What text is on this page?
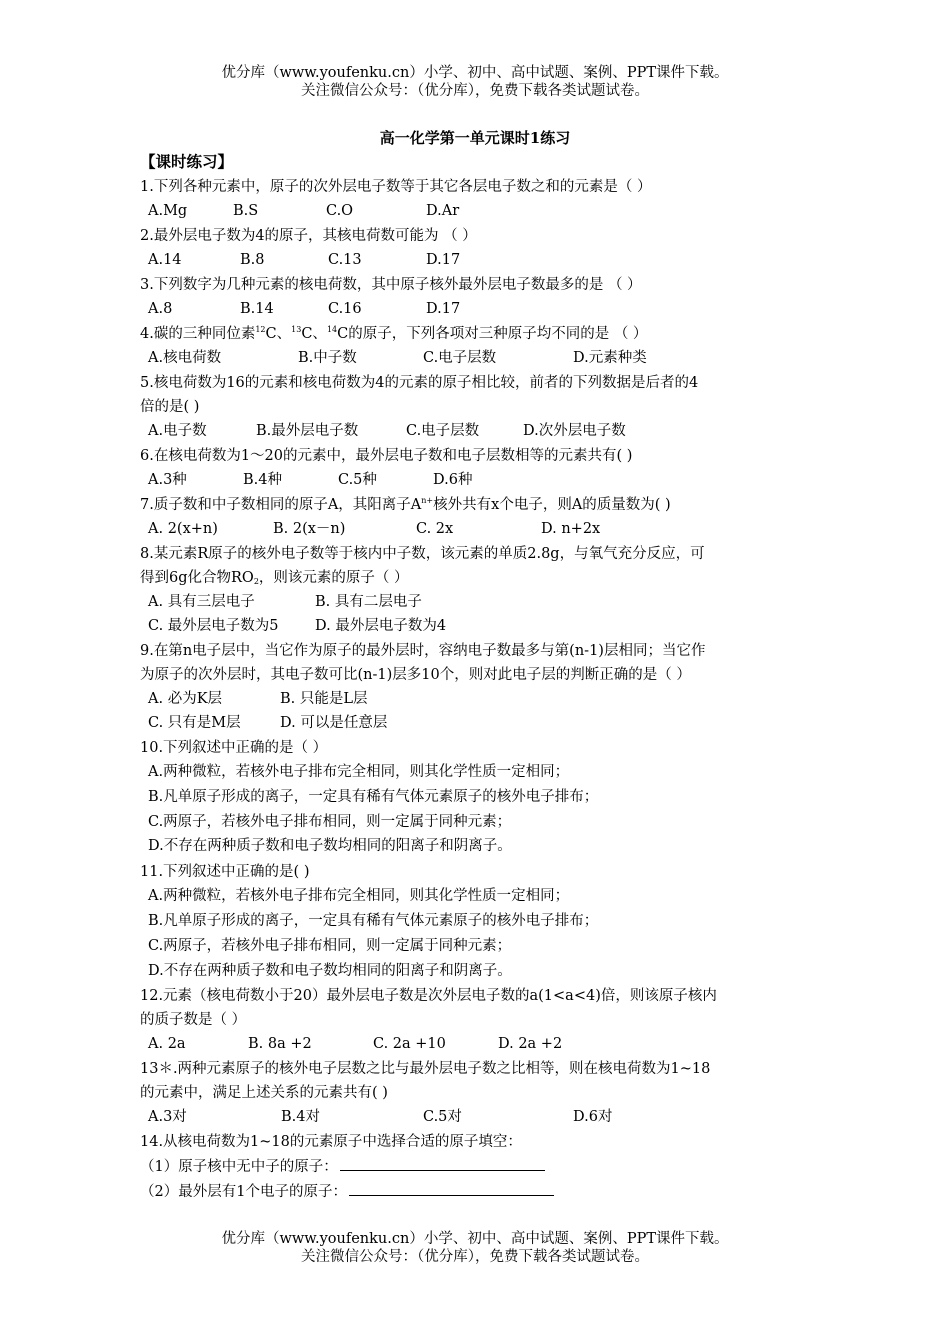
优分库（www.youfenku.cn）小学、初中、高中试题、案例、PPT课件下载。
关注微信公众号：（优分库），免费下载各类试题试卷。
高一化学第一单元课时1练习
【课时练习】
1.下列各种元素中，原子的次外层电子数等于其它各层电子数之和的元素是（ ）
A.Mg	B.S	C.O	D.Ar
2.最外层电子数为4的原子，其核电荷数可能为 （ ）
A.14	B.8	C.13	D.17
3.下列数字为几种元素的核电荷数，其中原子核外最外层电子数最多的是 （ ）
A.8	B.14	C.16	D.17
4.碳的三种同位素$^{12}$C、$^{13}$C、$^{14}$C的原子，下列各项对三种原子均不同的是 （ ）
A.核电荷数	B.中子数	C.电子层数	D.元素种类
5.核电荷数为16的元素和核电荷数为4的元素的原子相比较，前者的下列数据是后者的4
倍的是( )
A.电子数	B.最外层电子数	C.电子层数	D.次外层电子数
6.在核电荷数为1～20的元素中，最外层电子数和电子层数相等的元素共有( )
A.3种	B.4种	C.5种	D.6种
7.质子数和中子数相同的原子A，其阳离子$A^{n+}$核外共有x个电子，则A的质量数为( )
A. 2(x+n)	B. 2(x－n)	C. 2x	D. n+2x
8.某元素R原子的核外电子数等于核内中子数，该元素的单质2.8g，与氧气充分反应，可
得到6g化合物$RO_2$，则该元素的原子（ ）
A. 具有三层电子	B. 具有二层电子
C. 最外层电子数为5	D. 最外层电子数为4
9.在第n电子层中，当它作为原子的最外层时，容纳电子数最多与第(n-1)层相同；当它作
为原子的次外层时，其电子数可比(n-1)层多10个，则对此电子层的判断正确的是（ ）
A. 必为K层	B. 只能是L层
C. 只有是M层	D. 可以是任意层
10.下列叙述中正确的是（ ）
A.两种微粒，若核外电子排布完全相同，则其化学性质一定相同；
B.凡单原子形成的离子，一定具有稀有气体元素原子的核外电子排布；
C.两原子，若核外电子排布相同，则一定属于同种元素；
D.不存在两种质子数和电子数均相同的阳离子和阴离子。
11.下列叙述中正确的是( )
A.两种微粒，若核外电子排布完全相同，则其化学性质一定相同；
B.凡单原子形成的离子，一定具有稀有气体元素原子的核外电子排布；
C.两原子，若核外电子排布相同，则一定属于同种元素；
D.不存在两种质子数和电子数均相同的阳离子和阴离子。
12.元素（核电荷数小于20）最外层电子数是次外层电子数的a(1<a<4)倍，则该原子核内
的质子数是（ ）
A. 2a	B. 8a +2	C. 2a +10	D. 2a +2
13＊.两种元素原子的核外电子层数之比与最外层电子数之比相等，则在核电荷数为1~18
的元素中，满足上述关系的元素共有( )
A.3对	B.4对	C.5对	D.6对
14.从核电荷数为1~18的元素原子中选择合适的原子填空：
（1）原子核中无中子的原子：
（2）最外层有1个电子的原子：
优分库（www.youfenku.cn）小学、初中、高中试题、案例、PPT课件下载。
关注微信公众号：（优分库），免费下载各类试题试卷。
